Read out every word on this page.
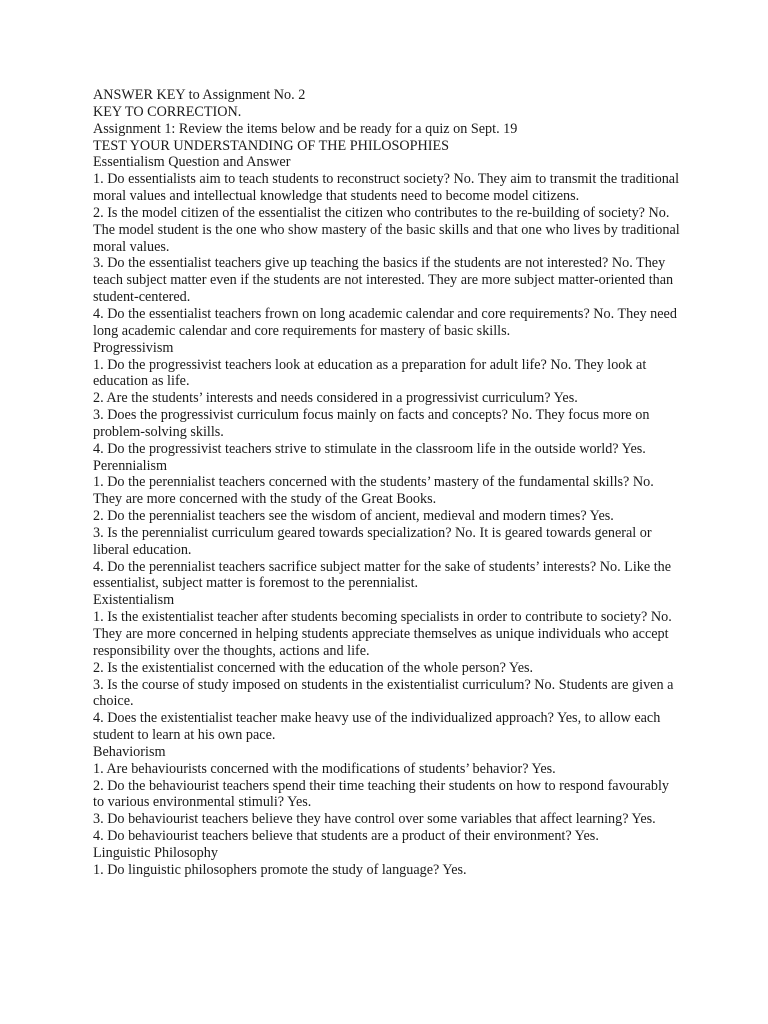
ANSWER KEY to Assignment No. 2

KEY TO CORRECTION.

Assignment 1: Review the items below and be ready for a quiz on Sept. 19

TEST YOUR UNDERSTANDING OF THE PHILOSOPHIES

Essentialism Question and Answer

1. Do essentialists aim to teach students to reconstruct society? No. They aim to transmit the traditional moral values and intellectual knowledge that students need to become model citizens.

2. Is the model citizen of the essentialist the citizen who contributes to the re-building of society? No. The model student is the one who show mastery of the basic skills and that one who lives by traditional moral values.

3. Do the essentialist teachers give up teaching the basics if the students are not interested? No. They teach subject matter even if the students are not interested. They are more subject matter-oriented than student-centered.

4. Do the essentialist teachers frown on long academic calendar and core requirements? No. They need long academic calendar and core requirements for mastery of basic skills.

Progressivism

1. Do the progressivist teachers look at education as a preparation for adult life? No. They look at education as life.

2. Are the students’ interests and needs considered in a progressivist curriculum? Yes.

3. Does the progressivist curriculum focus mainly on facts and concepts? No. They focus more on problem-solving skills.

4. Do the progressivist teachers strive to stimulate in the classroom life in the outside world? Yes.

Perennialism

1. Do the perennialist teachers concerned with the students’ mastery of the fundamental skills? No. They are more concerned with the study of the Great Books.

2. Do the perennialist teachers see the wisdom of ancient, medieval and modern times? Yes.

3. Is the perennialist curriculum geared towards specialization? No. It is geared towards general or liberal education.

4. Do the perennialist teachers sacrifice subject matter for the sake of students’ interests? No. Like the essentialist, subject matter is foremost to the perennialist.

Existentialism

1. Is the existentialist teacher after students becoming specialists in order to contribute to society? No. They are more concerned in helping students appreciate themselves as unique individuals who accept responsibility over the thoughts, actions and life.

2. Is the existentialist concerned with the education of the whole person? Yes.

3. Is the course of study imposed on students in the existentialist curriculum? No. Students are given a choice.

4. Does the existentialist teacher make heavy use of the individualized approach? Yes, to allow each student to learn at his own pace.

Behaviorism

1. Are behaviourists concerned with the modifications of students’ behavior? Yes.

2. Do the behaviourist teachers spend their time teaching their students on how to respond favourably to various environmental stimuli? Yes.

3. Do behaviourist teachers believe they have control over some variables that affect learning? Yes.

4. Do behaviourist teachers believe that students are a product of their environment? Yes.

Linguistic Philosophy

1. Do linguistic philosophers promote the study of language? Yes.
